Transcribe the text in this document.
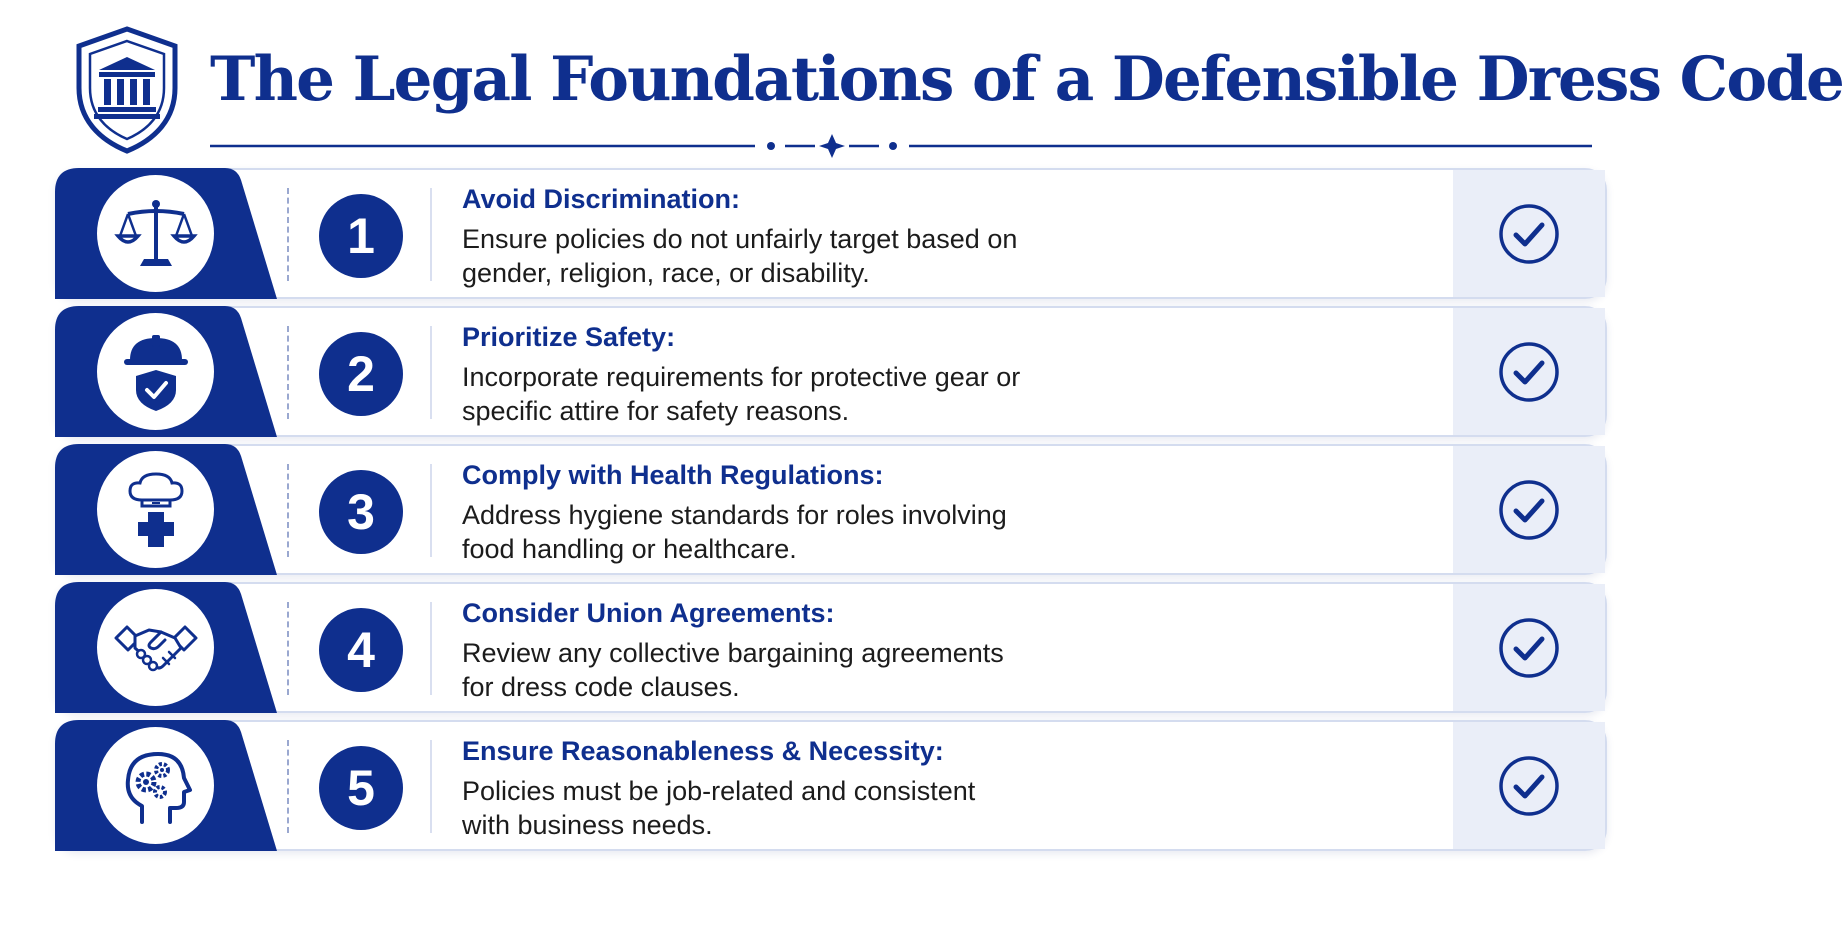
The Legal Foundations of a Defensible Dress Code
1
Avoid Discrimination:
Ensure policies do not unfairly target based on
gender, religion, race, or disability.
2
Prioritize Safety:
Incorporate requirements for protective gear or
specific attire for safety reasons.
3
Comply with Health Regulations:
Address hygiene standards for roles involving
food handling or healthcare.
4
Consider Union Agreements:
Review any collective bargaining agreements
for dress code clauses.
5
Ensure Reasonableness & Necessity:
Policies must be job-related and consistent
with business needs.
